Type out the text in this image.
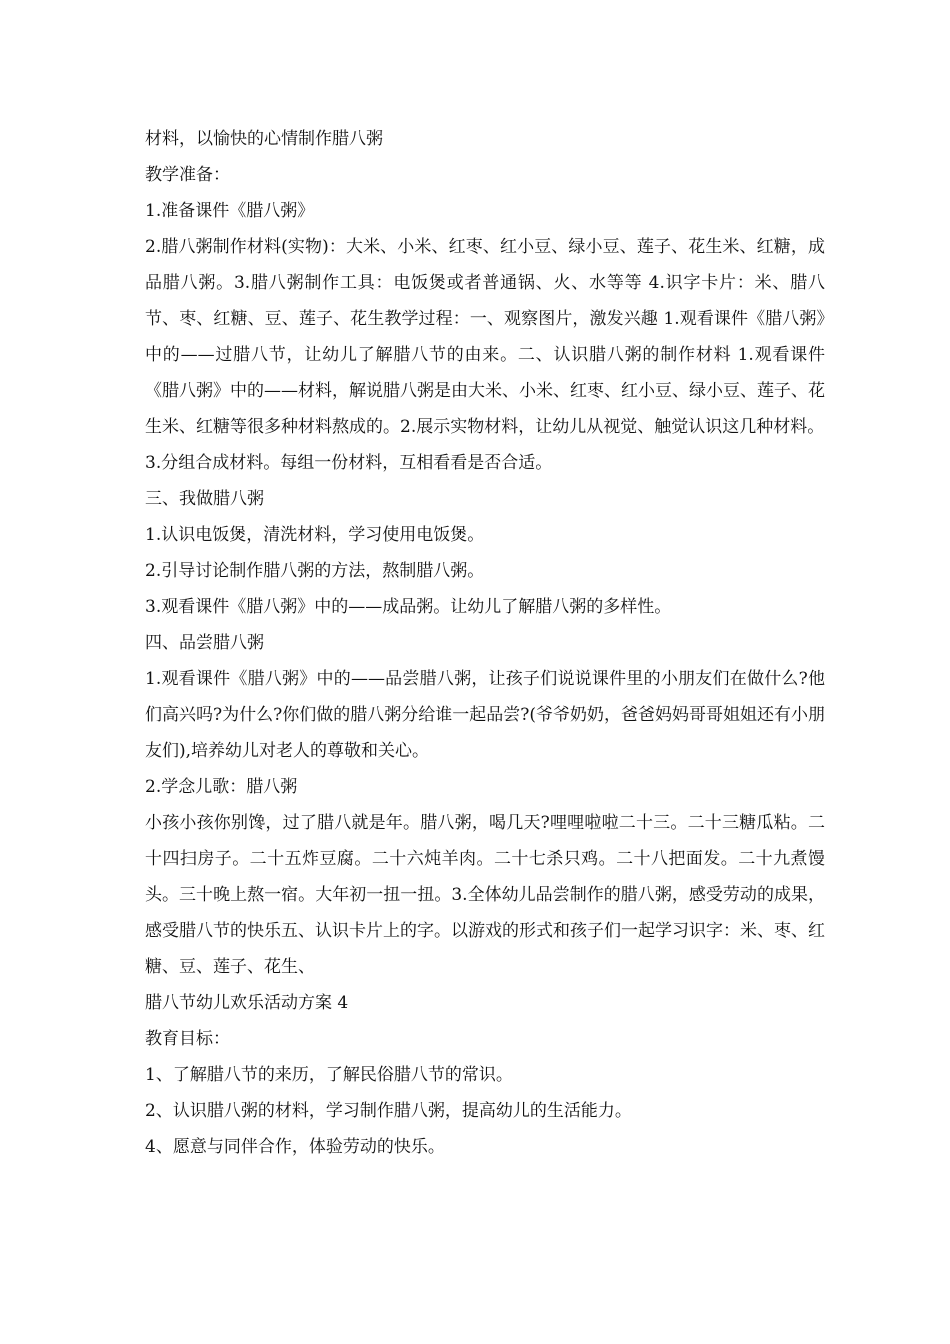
材料，以愉快的心情制作腊八粥

教学准备：

1.准备课件《腊八粥》

2.腊八粥制作材料(实物)：大米、小米、红枣、红小豆、绿小豆、莲子、花生米、红糖，成品腊八粥。3.腊八粥制作工具：电饭煲或者普通锅、火、水等等 4.识字卡片：米、腊八节、枣、红糖、豆、莲子、花生教学过程：一、观察图片，激发兴趣 1.观看课件《腊八粥》中的——过腊八节，让幼儿了解腊八节的由来。二、认识腊八粥的制作材料 1.观看课件《腊八粥》中的——材料，解说腊八粥是由大米、小米、红枣、红小豆、绿小豆、莲子、花生米、红糖等很多种材料熬成的。2.展示实物材料，让幼儿从视觉、触觉认识这几种材料。

3.分组合成材料。每组一份材料，互相看看是否合适。

三、我做腊八粥

1.认识电饭煲，清洗材料，学习使用电饭煲。

2.引导讨论制作腊八粥的方法，熬制腊八粥。

3.观看课件《腊八粥》中的——成品粥。让幼儿了解腊八粥的多样性。

四、品尝腊八粥

1.观看课件《腊八粥》中的——品尝腊八粥，让孩子们说说课件里的小朋友们在做什么?他们高兴吗?为什么?你们做的腊八粥分给谁一起品尝?(爷爷奶奶，爸爸妈妈哥哥姐姐还有小朋友们),培养幼儿对老人的尊敬和关心。

2.学念儿歌：腊八粥

小孩小孩你别馋，过了腊八就是年。腊八粥，喝几天?哩哩啦啦二十三。二十三糖瓜粘。二十四扫房子。二十五炸豆腐。二十六炖羊肉。二十七杀只鸡。二十八把面发。二十九煮馒头。三十晚上熬一宿。大年初一扭一扭。3.全体幼儿品尝制作的腊八粥，感受劳动的成果，感受腊八节的快乐五、认识卡片上的字。以游戏的形式和孩子们一起学习识字：米、枣、红糖、豆、莲子、花生、

腊八节幼儿欢乐活动方案 4

教育目标：

1、了解腊八节的来历，了解民俗腊八节的常识。

2、认识腊八粥的材料，学习制作腊八粥，提高幼儿的生活能力。

4、愿意与同伴合作，体验劳动的快乐。
